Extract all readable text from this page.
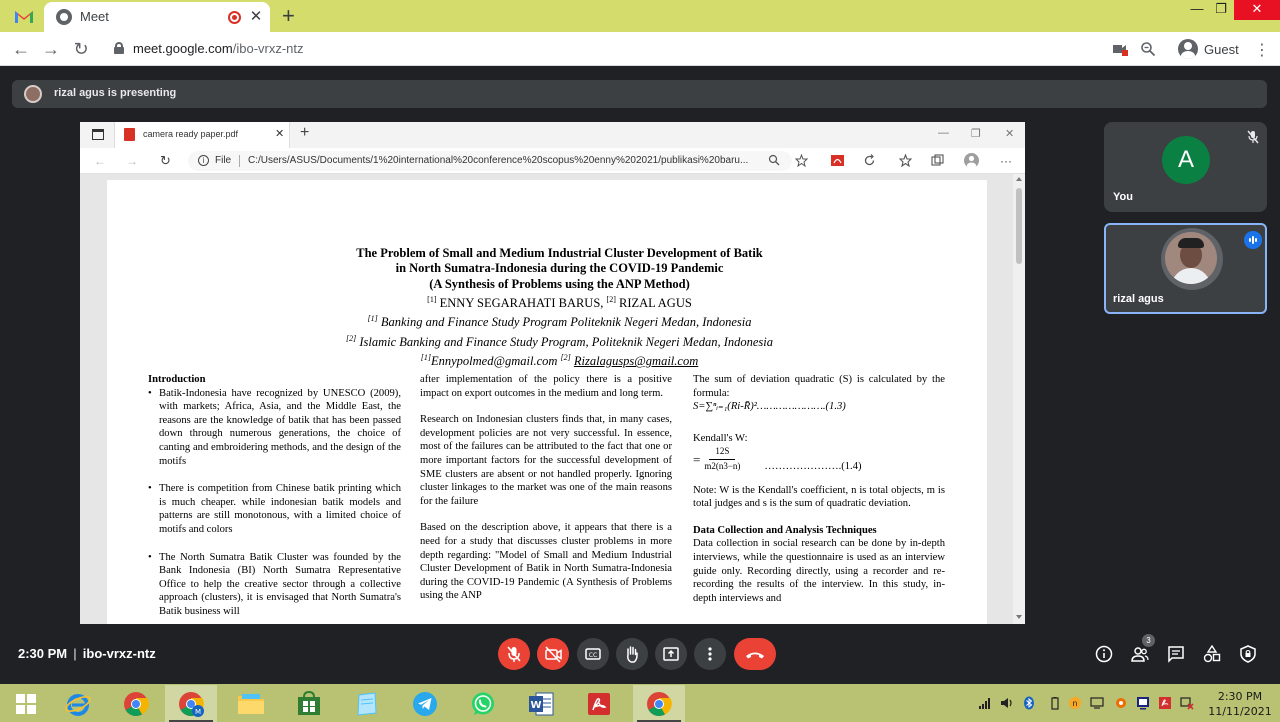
Meet	✕ +	— ❐	✕
← → ↻	meet.google.com/ibo-vrxz-ntz	Guest ⋮
rizal agus is presenting
camera ready paper.pdf	✕ +	— ❐ ✕
← → ↻	i	File C:/Users/ASUS/Documents/1%20international%20conference%20scopus%20enny%202021/publikasi%20baru...	···
The Problem of Small and Medium Industrial Cluster Development of Batik
in North Sumatra-Indonesia during the COVID-19 Pandemic
(A Synthesis of Problems using the ANP Method)
[1] ENNY SEGARAHATI BARUS, [2] RIZAL AGUS
[1] Banking and Finance Study Program Politeknik Negeri Medan, Indonesia
[2] Islamic Banking and Finance Study Program, Politeknik Negeri Medan, Indonesia
[1]Ennypolmed@gmail.com [2] Rizalagusps@gmail.com
Introduction
• Batik-Indonesia have recognized by UNESCO (2009), with markets; Africa, Asia, and the Middle East, the reasons are the knowledge of batik that has been passed down through numerous generations, the choice of canting and embroidering methods, and the design of the motifs
• There is competition from Chinese batik printing which is much cheaper. while indonesian batik models and patterns are still monotonous, with a limited choice of motifs and colors
• The North Sumatra Batik Cluster was founded by the Bank Indonesia (BI) North Sumatra Representative Office to help the creative sector through a collective approach (clusters), it is envisaged that North Sumatra's Batik business will

after implementation of the policy there is a positive impact on export outcomes in the medium and long term.

Research on Indonesian clusters finds that, in many cases, development policies are not very successful. In essence, most of the failures can be attributed to the fact that one or more important factors for the successful development of SME clusters are absent or not handled properly. Ignoring cluster linkages to the market was one of the main reasons for the failure

Based on the description above, it appears that there is a need for a study that discusses cluster problems in more depth regarding: "Model of Small and Medium Industrial Cluster Development of Batik in North Sumatra-Indonesia during the COVID-19 Pandemic (A Synthesis of Problems using the ANP

The sum of deviation quadratic (S) is calculated by the formula:
S=∑ⁿᵢ₌₁(Ri-R̄)²………………….(1.3)
Kendall's W:
= $\frac{12S}{m2(n3-n)}$ ………………….(1.4)

Note: W is the Kendall's coefficient, n is total objects, m is total judges and s is the sum of quadratic deviation.

Data Collection and Analysis Techniques
Data collection in social research can be done by in-depth interviews, while the questionnaire is used as an interview guide only. Recording directly, using a recorder and re-recording the results of the interview. In this study, in-depth interviews and
A
You
rizal agus
2:30 PM | ibo-vrxz-ntz	CC
3
M
W	n
2:30 PM
11/11/2021
